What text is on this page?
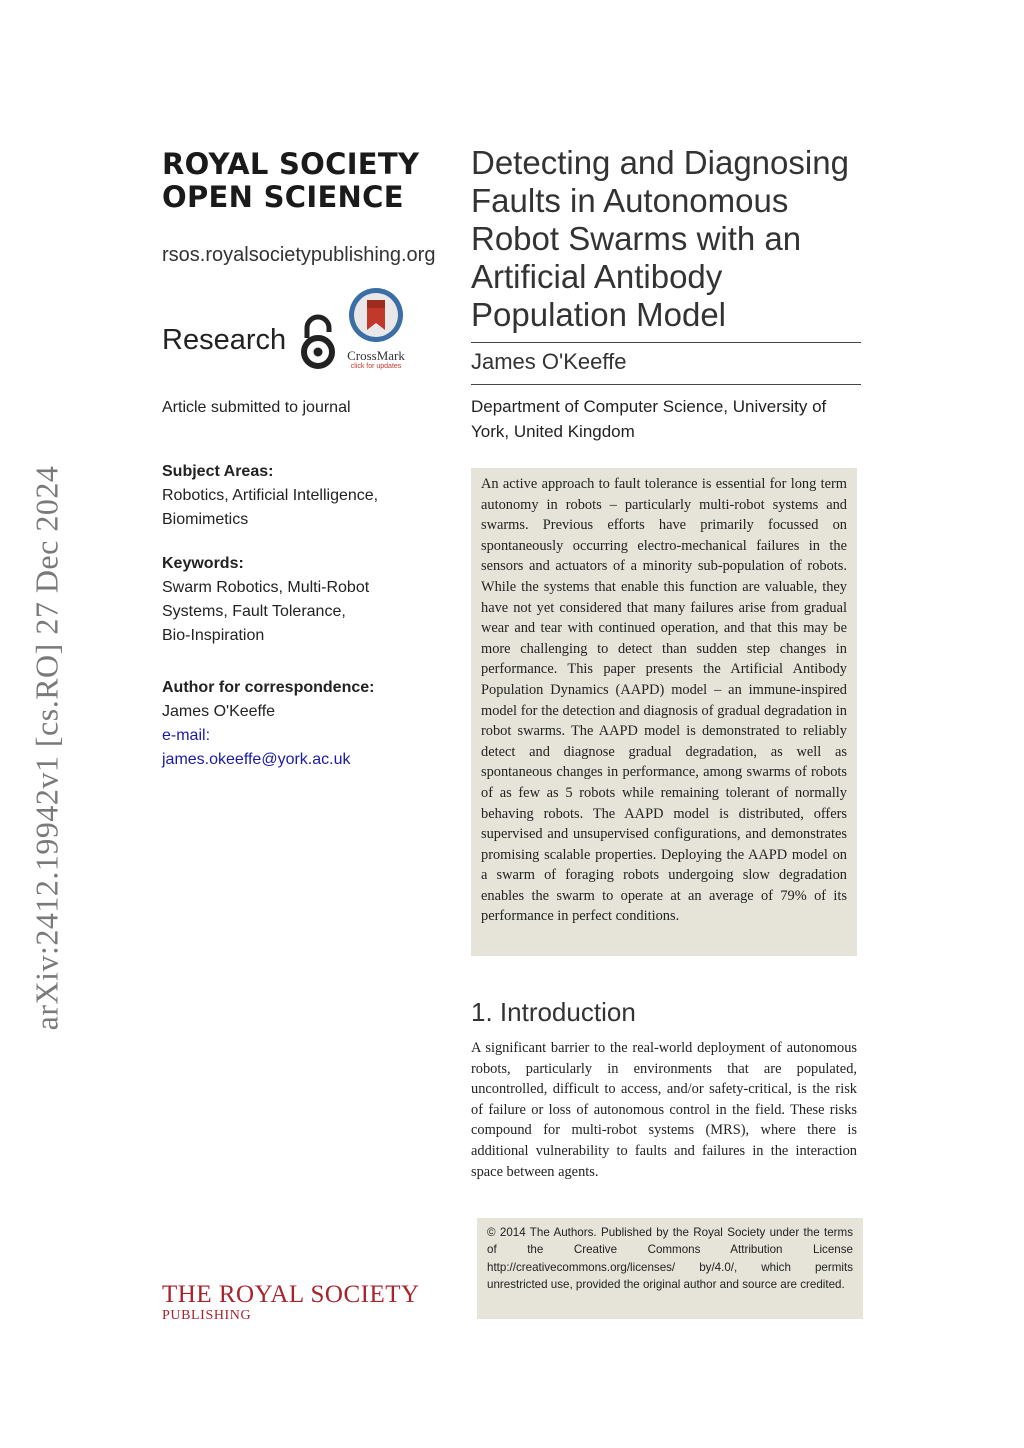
arXiv:2412.19942v1 [cs.RO] 27 Dec 2024
ROYAL SOCIETY
OPEN SCIENCE
rsos.royalsocietypublishing.org
Research	CrossMark
click for updates
Article submitted to journal
Subject Areas:
Robotics, Artificial Intelligence,
Biomimetics
Keywords:
Swarm Robotics, Multi-Robot
Systems, Fault Tolerance,
Bio-Inspiration
Author for correspondence:
James O'Keeffe
e-mail:
james.okeeffe@york.ac.uk
THE ROYAL SOCIETY
PUBLISHING
Detecting and Diagnosing
Faults in Autonomous
Robot Swarms with an
Artificial Antibody
Population Model
James O'Keeffe
Department of Computer Science, University of York, United Kingdom
An active approach to fault tolerance is essential for long term autonomy in robots – particularly multi-robot systems and swarms. Previous efforts have primarily focussed on spontaneously occurring electro-mechanical failures in the sensors and actuators of a minority sub-population of robots. While the systems that enable this function are valuable, they have not yet considered that many failures arise from gradual wear and tear with continued operation, and that this may be more challenging to detect than sudden step changes in performance. This paper presents the Artificial Antibody Population Dynamics (AAPD) model – an immune-inspired model for the detection and diagnosis of gradual degradation in robot swarms. The AAPD model is demonstrated to reliably detect and diagnose gradual degradation, as well as spontaneous changes in performance, among swarms of robots of as few as 5 robots while remaining tolerant of normally behaving robots. The AAPD model is distributed, offers supervised and unsupervised configurations, and demonstrates promising scalable properties. Deploying the AAPD model on a swarm of foraging robots undergoing slow degradation enables the swarm to operate at an average of 79% of its performance in perfect conditions.
1. Introduction
A significant barrier to the real-world deployment of autonomous robots, particularly in environments that are populated, uncontrolled, difficult to access, and/or safety-critical, is the risk of failure or loss of autonomous control in the field. These risks compound for multi-robot systems (MRS), where there is additional vulnerability to faults and failures in the interaction space between agents.
© 2014 The Authors. Published by the Royal Society under the terms of the Creative Commons Attribution License http://creativecommons.org/licenses/ by/4.0/, which permits unrestricted use, provided the original author and source are credited.
